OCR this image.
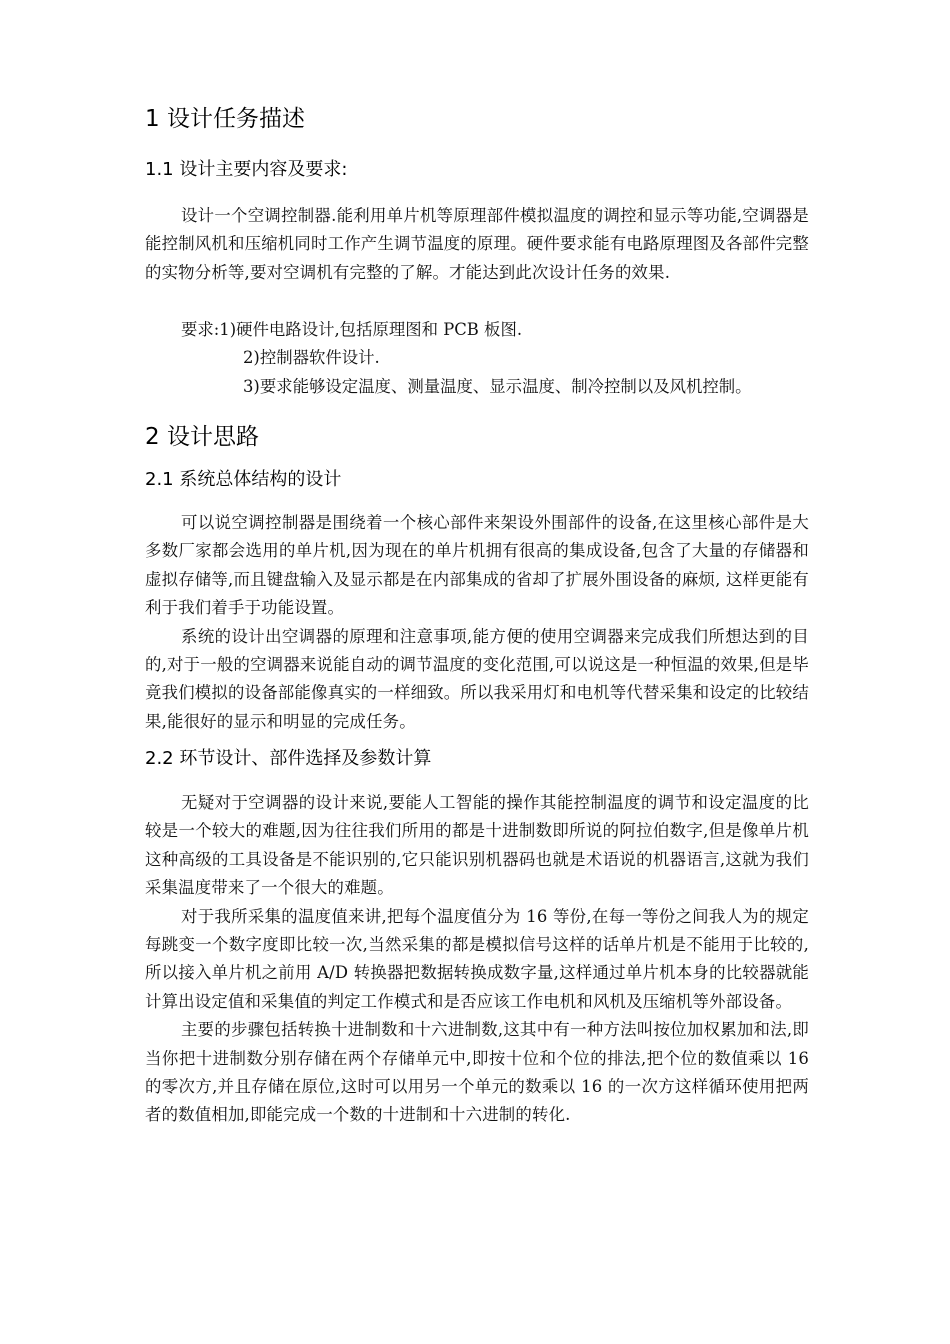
1 设计任务描述
1.1 设计主要内容及要求:

设计一个空调控制器.能利用单片机等原理部件模拟温度的调控和显示等功能,空调器是能控制风机和压缩机同时工作产生调节温度的原理。硬件要求能有电路原理图及各部件完整的实物分析等,要对空调机有完整的了解。才能达到此次设计任务的效果.

要求:1)硬件电路设计,包括原理图和 PCB 板图.
2)控制器软件设计.
3)要求能够设定温度、测量温度、显示温度、制冷控制以及风机控制。
2 设计思路
2.1 系统总体结构的设计

可以说空调控制器是围绕着一个核心部件来架设外围部件的设备,在这里核心部件是大多数厂家都会选用的单片机,因为现在的单片机拥有很高的集成设备,包含了大量的存储器和虚拟存储等,而且键盘输入及显示都是在内部集成的省却了扩展外围设备的麻烦, 这样更能有利于我们着手于功能设置。

系统的设计出空调器的原理和注意事项,能方便的使用空调器来完成我们所想达到的目的,对于一般的空调器来说能自动的调节温度的变化范围,可以说这是一种恒温的效果,但是毕竟我们模拟的设备部能像真实的一样细致。所以我采用灯和电机等代替采集和设定的比较结果,能很好的显示和明显的完成任务。

2.2 环节设计、部件选择及参数计算

无疑对于空调器的设计来说,要能人工智能的操作其能控制温度的调节和设定温度的比较是一个较大的难题,因为往往我们所用的都是十进制数即所说的阿拉伯数字,但是像单片机这种高级的工具设备是不能识别的,它只能识别机器码也就是术语说的机器语言,这就为我们采集温度带来了一个很大的难题。

对于我所采集的温度值来讲,把每个温度值分为 16 等份,在每一等份之间我人为的规定每跳变一个数字度即比较一次,当然采集的都是模拟信号这样的话单片机是不能用于比较的,所以接入单片机之前用 A/D 转换器把数据转换成数字量,这样通过单片机本身的比较器就能计算出设定值和采集值的判定工作模式和是否应该工作电机和风机及压缩机等外部设备。

主要的步骤包括转换十进制数和十六进制数,这其中有一种方法叫按位加权累加和法,即当你把十进制数分别存储在两个存储单元中,即按十位和个位的排法,把个位的数值乘以 16 的零次方,并且存储在原位,这时可以用另一个单元的数乘以 16 的一次方这样循环使用把两者的数值相加,即能完成一个数的十进制和十六进制的转化.
